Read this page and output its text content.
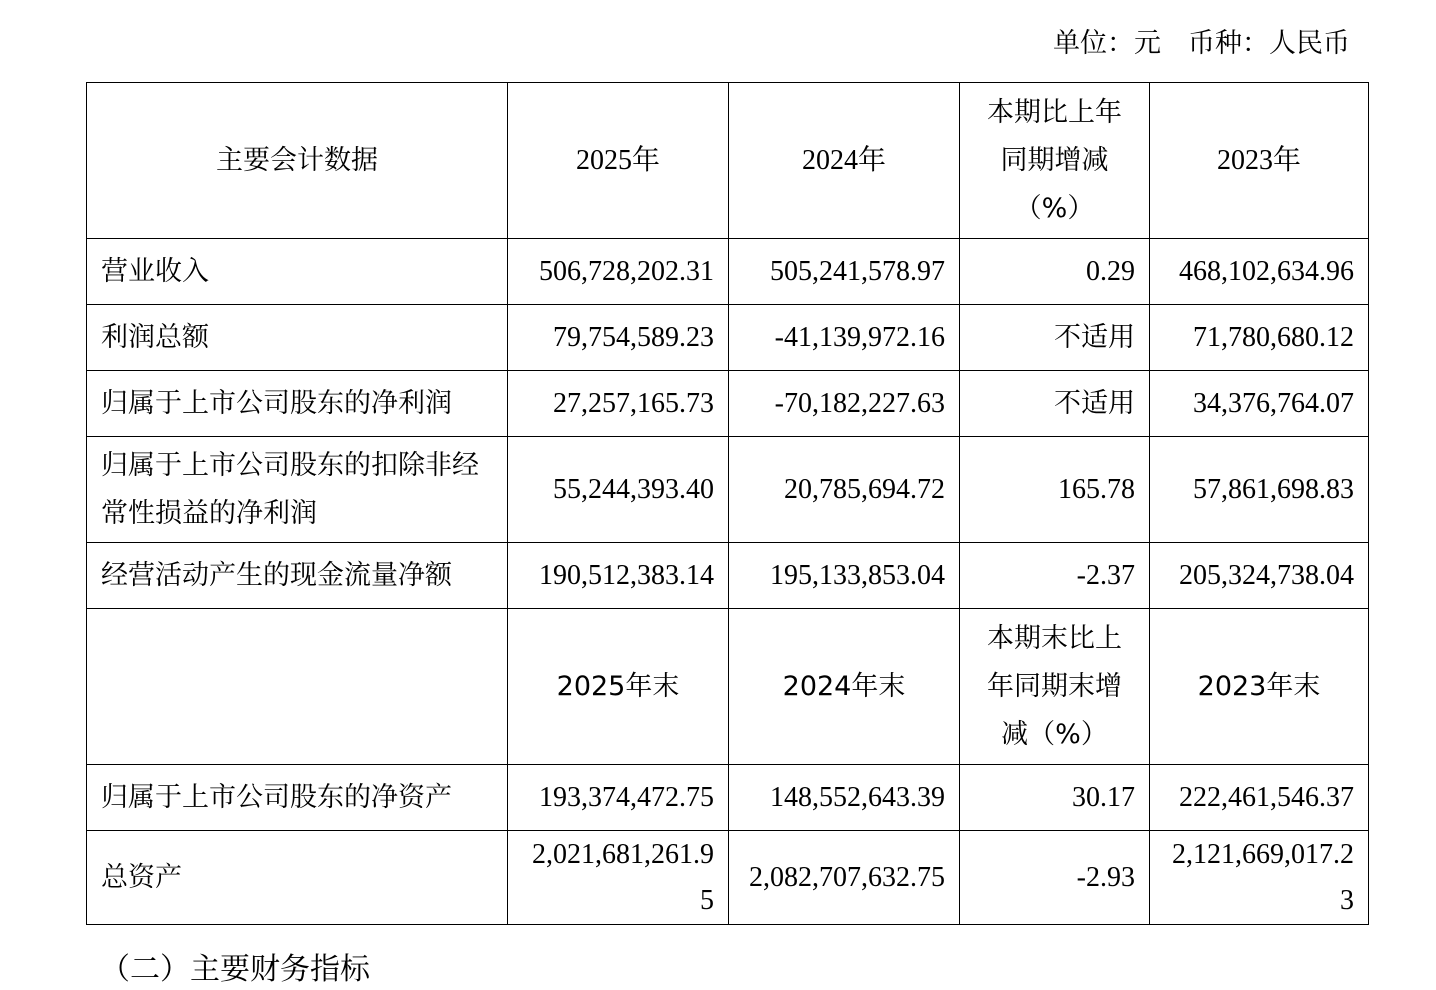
单位：元　币种：人民币
主要会计数据	2025年	2024年	本期比上年同期增减（%）	2023年
营业收入	506,728,202.31	505,241,578.97	0.29	468,102,634.96
利润总额	79,754,589.23	-41,139,972.16	不适用	71,780,680.12
归属于上市公司股东的净利润	27,257,165.73	-70,182,227.63	不适用	34,376,764.07
归属于上市公司股东的扣除非经常性损益的净利润	55,244,393.40	20,785,694.72	165.78	57,861,698.83
经营活动产生的现金流量净额	190,512,383.14	195,133,853.04	-2.37	205,324,738.04
	2025年末	2024年末	本期末比上年同期末增减（%）	2023年末
归属于上市公司股东的净资产	193,374,472.75	148,552,643.39	30.17	222,461,546.37
总资产	2,021,681,261.95	2,082,707,632.75	-2.93	2,121,669,017.23
（二）主要财务指标
